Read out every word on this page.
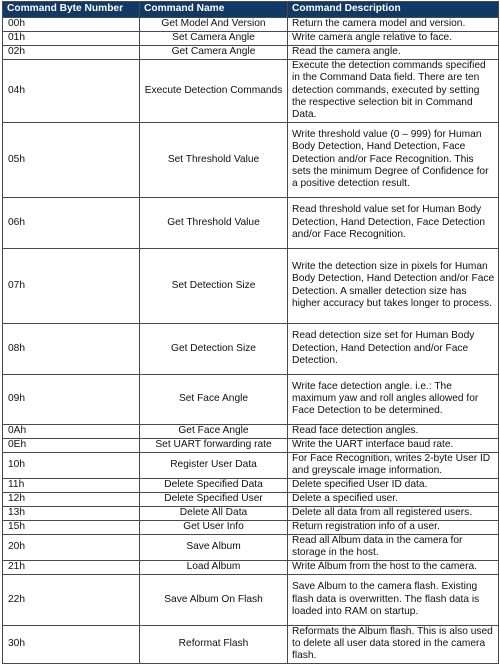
Command Byte Number	Command Name	Command Description
00h	Get Model And Version	Return the camera model and version.
01h	Set Camera Angle	Write camera angle relative to face.
02h	Get Camera Angle	Read the camera angle.
04h	Execute Detection Commands	Execute the detection commands specified in the Command Data field. There are ten detection commands, executed by setting the respective selection bit in Command Data.
05h	Set Threshold Value	Write threshold value (0 – 999) for Human Body Detection, Hand Detection, Face Detection and/or Face Recognition. This sets the minimum Degree of Confidence for a positive detection result.
06h	Get Threshold Value	Read threshold value set for Human Body Detection, Hand Detection, Face Detection and/or Face Recognition.
07h	Set Detection Size	Write the detection size in pixels for Human Body Detection, Hand Detection and/or Face Detection. A smaller detection size has higher accuracy but takes longer to process.
08h	Get Detection Size	Read detection size set for Human Body Detection, Hand Detection and/or Face Detection.
09h	Set Face Angle	Write face detection angle. i.e.: The maximum yaw and roll angles allowed for Face Detection to be determined.
0Ah	Get Face Angle	Read face detection angles.
0Eh	Set UART forwarding rate	Write the UART interface baud rate.
10h	Register User Data	For Face Recognition, writes 2-byte User ID and greyscale image information.
11h	Delete Specified Data	Delete specified User ID data.
12h	Delete Specified User	Delete a specified user.
13h	Delete All Data	Delete all data from all registered users.
15h	Get User Info	Return registration info of a user.
20h	Save Album	Read all Album data in the camera for storage in the host.
21h	Load Album	Write Album from the host to the camera.
22h	Save Album On Flash	Save Album to the camera flash. Existing flash data is overwritten. The flash data is loaded into RAM on startup.
30h	Reformat Flash	Reformats the Album flash. This is also used to delete all user data stored in the camera flash.
